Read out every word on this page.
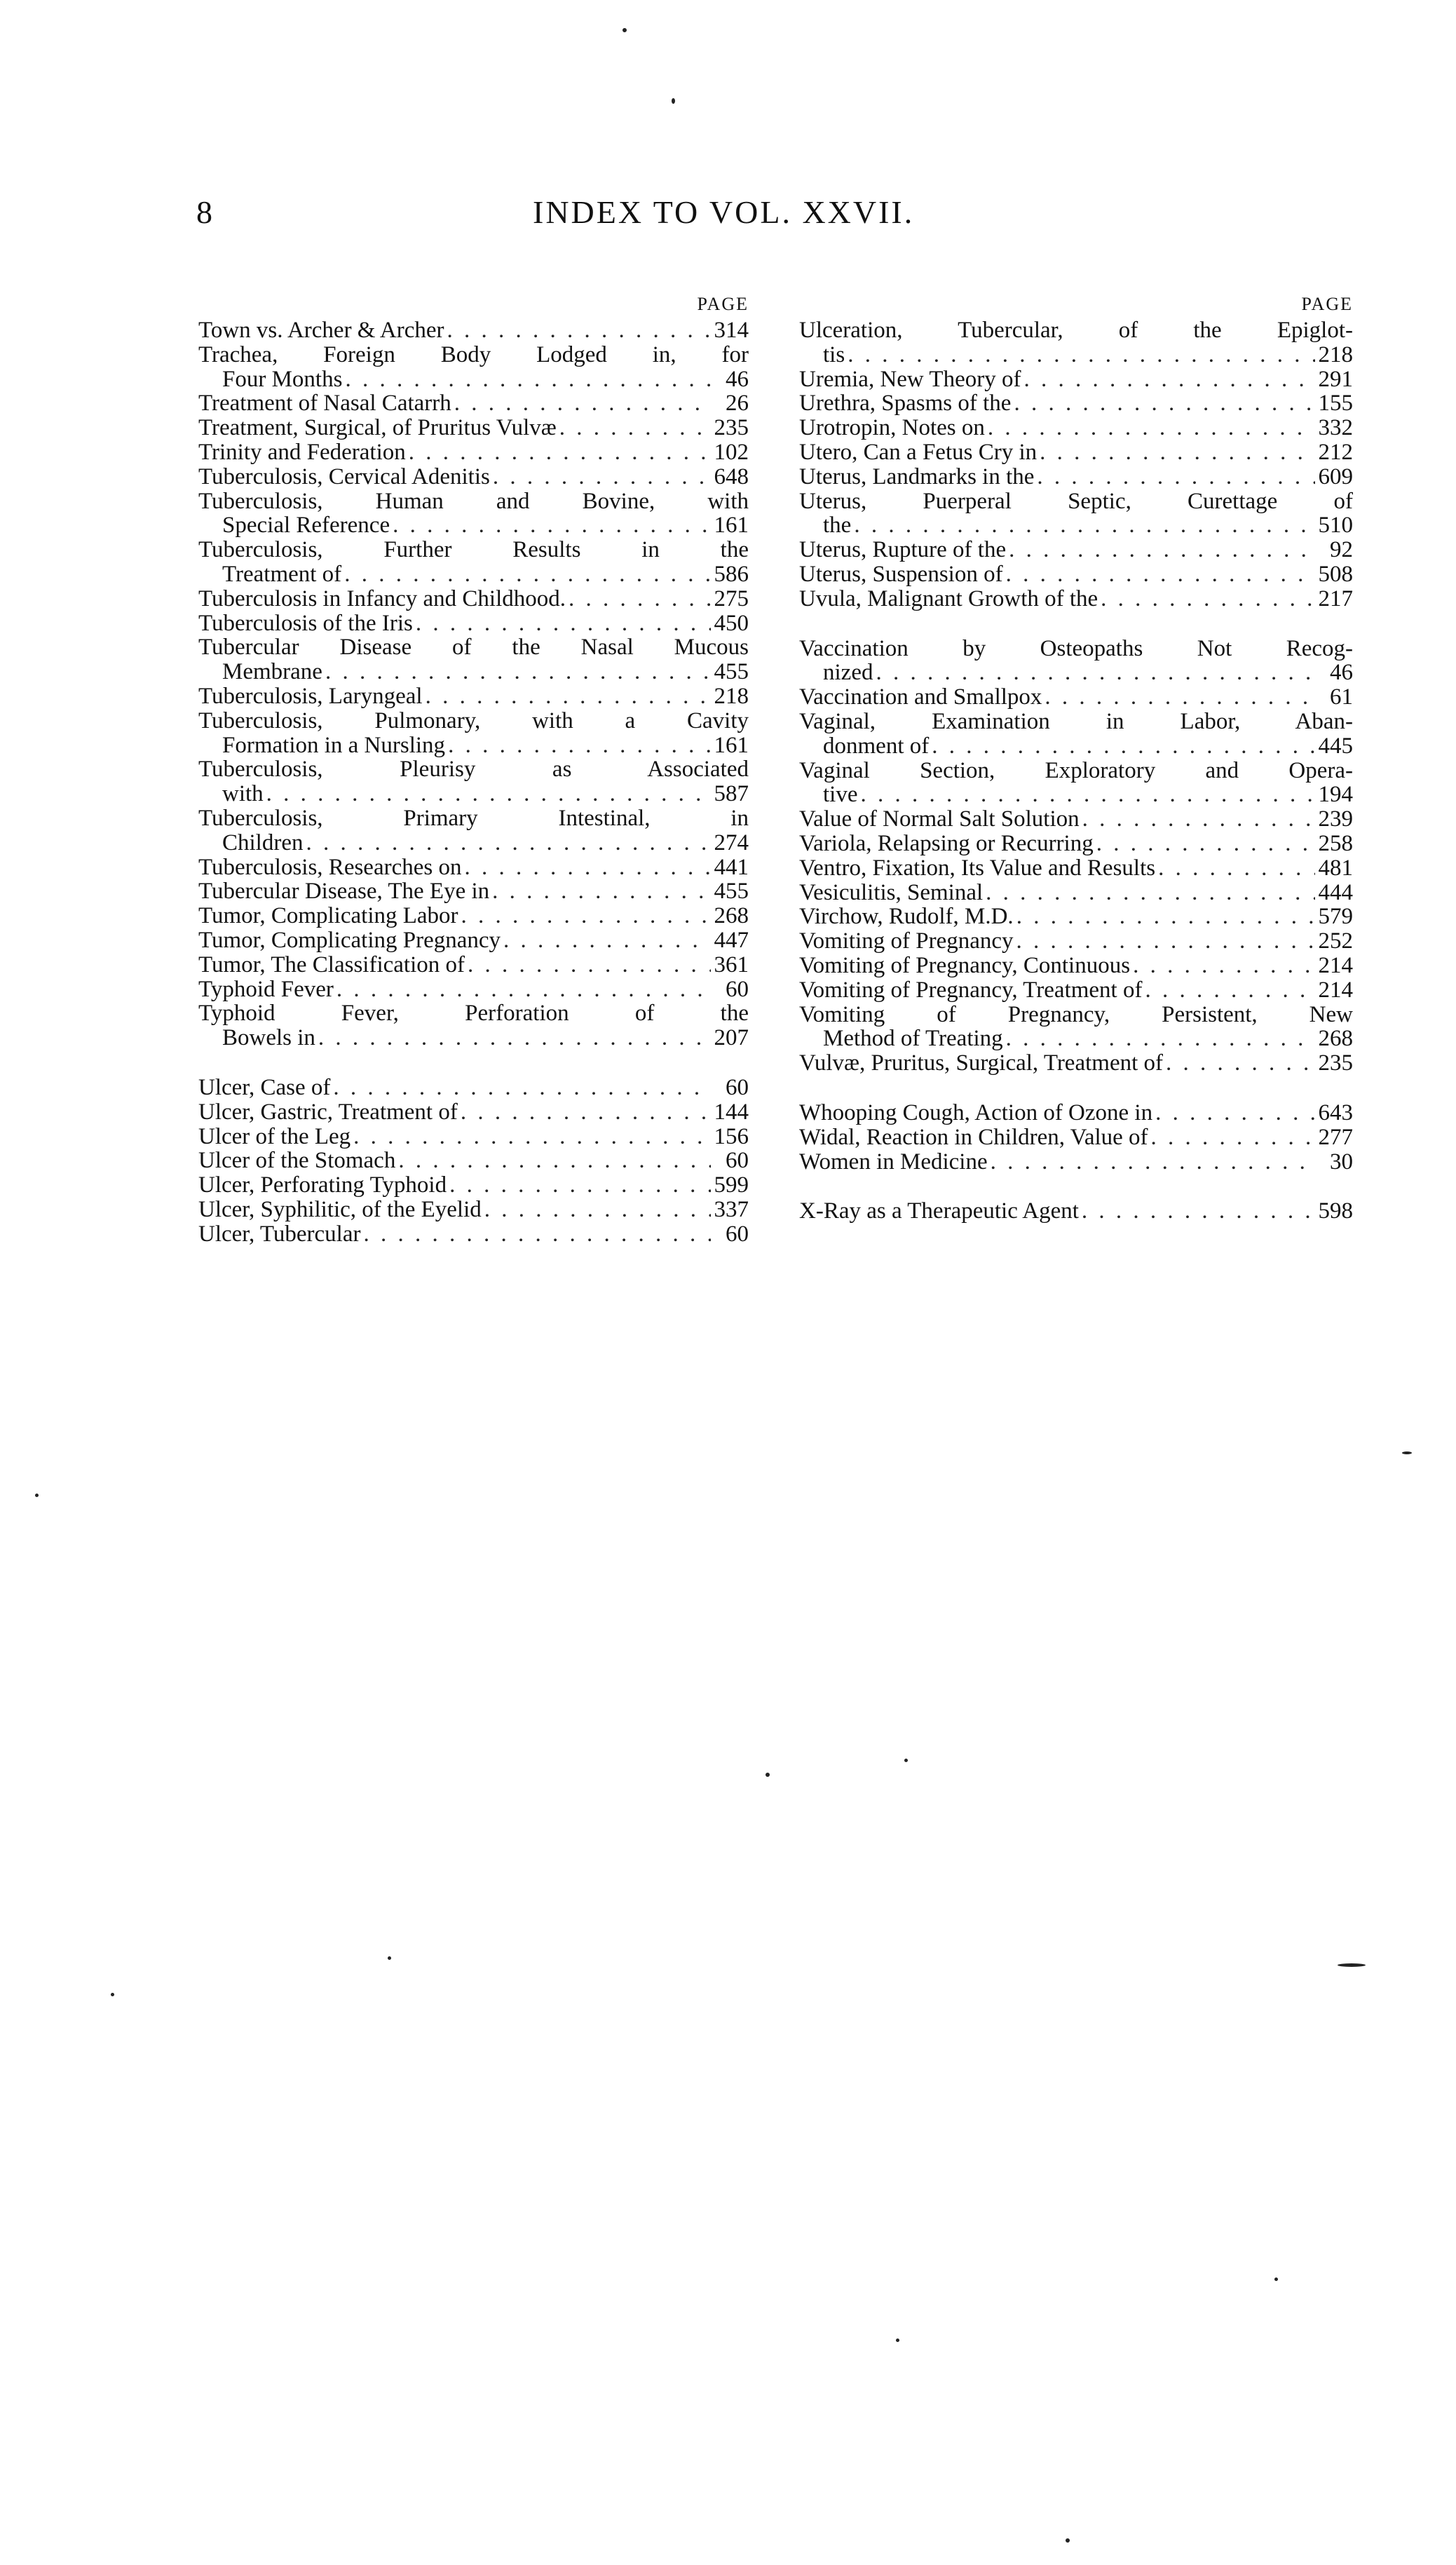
8	INDEX TO VOL. XXVII.
PAGE
Town vs. Archer & Archer . . .	314
Trachea, Foreign Body Lodged in, for
Four Months . . .	46
Treatment of Nasal Catarrh . . .	26
Treatment, Surgical, of Pruritus Vulvæ . . .	235
Trinity and Federation . . .	102
Tuberculosis, Cervical Adenitis . . .	648
Tuberculosis, Human and Bovine, with
Special Reference . . .	161
Tuberculosis, Further Results in the
Treatment of . . .	586
Tuberculosis in Infancy and Childhood. . . .	275
Tuberculosis of the Iris . . .	450
Tubercular Disease of the Nasal Mucous
Membrane . . .	455
Tuberculosis, Laryngeal . . .	218
Tuberculosis, Pulmonary, with a Cavity
Formation in a Nursling . . .	161
Tuberculosis, Pleurisy as Associated
with . . .	587
Tuberculosis, Primary Intestinal, in
Children . . .	274
Tuberculosis, Researches on . . .	441
Tubercular Disease, The Eye in . . .	455
Tumor, Complicating Labor . . .	268
Tumor, Complicating Pregnancy . . .	447
Tumor, The Classification of . . .	361
Typhoid Fever . . .	60
Typhoid Fever, Perforation of the
Bowels in . . .	207
Ulcer, Case of . . .	60
Ulcer, Gastric, Treatment of . . .	144
Ulcer of the Leg . . .	156
Ulcer of the Stomach . . .	60
Ulcer, Perforating Typhoid . . .	599
Ulcer, Syphilitic, of the Eyelid . . .	337
Ulcer, Tubercular . . .	60
PAGE
Ulceration, Tubercular, of the Epiglot-
tis . . .	218
Uremia, New Theory of . . .	291
Urethra, Spasms of the . . .	155
Urotropin, Notes on . . .	332
Utero, Can a Fetus Cry in . . .	212
Uterus, Landmarks in the . . .	609
Uterus, Puerperal Septic, Curettage of
the . . .	510
Uterus, Rupture of the . . .	92
Uterus, Suspension of . . .	508
Uvula, Malignant Growth of the . . .	217
Vaccination by Osteopaths Not Recog-
nized . . .	46
Vaccination and Smallpox . . .	61
Vaginal, Examination in Labor, Aban-
donment of . . .	445
Vaginal Section, Exploratory and Opera-
tive . . .	194
Value of Normal Salt Solution . . .	239
Variola, Relapsing or Recurring . . .	258
Ventro, Fixation, Its Value and Results . . .	481
Vesiculitis, Seminal . . .	444
Virchow, Rudolf, M.D. . . .	579
Vomiting of Pregnancy . . .	252
Vomiting of Pregnancy, Continuous . . .	214
Vomiting of Pregnancy, Treatment of . . .	214
Vomiting of Pregnancy, Persistent, New
Method of Treating . . .	268
Vulvæ, Pruritus, Surgical, Treatment of . . .	235
Whooping Cough, Action of Ozone in . . .	643
Widal, Reaction in Children, Value of . . .	277
Women in Medicine . . .	30
X-Ray as a Therapeutic Agent . . .	598
